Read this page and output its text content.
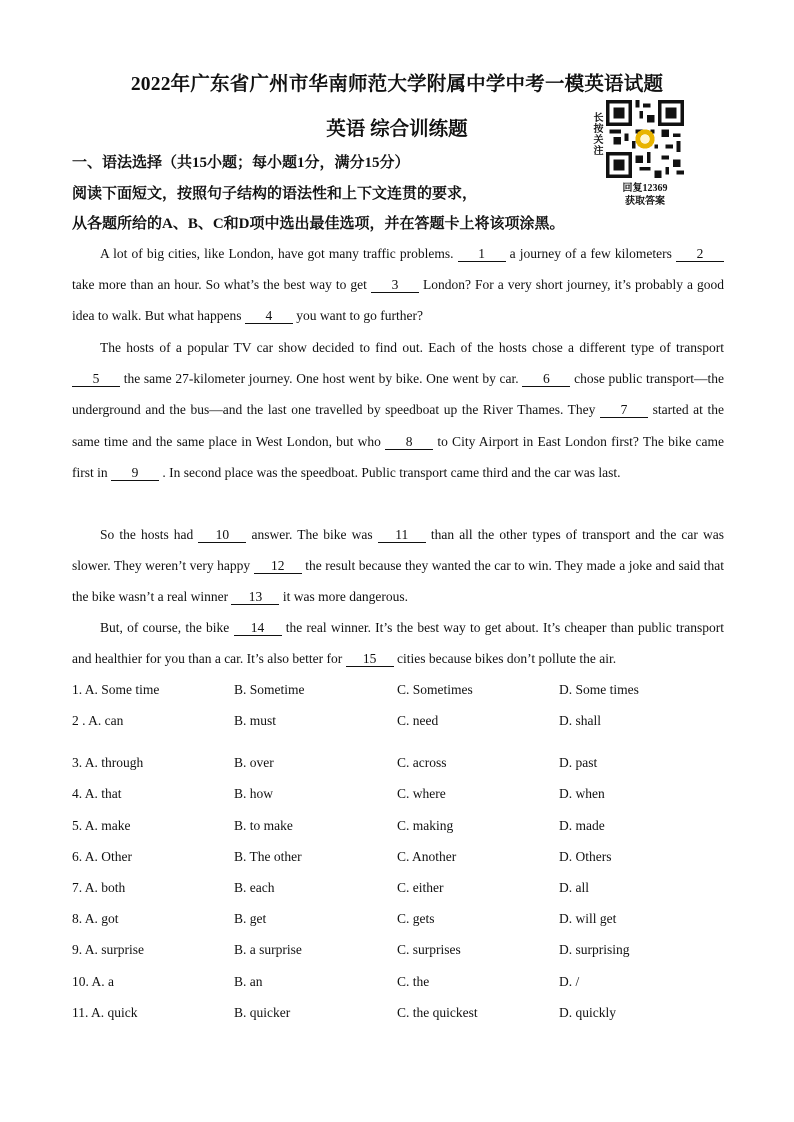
2022年广东省广州市华南师范大学附属中学中考一模英语试题
英语 综合训练题	长按关注
回复12369
获取答案
一、语法选择（共15小题；每小题1分，满分15分）
阅读下面短文，按照句子结构的语法性和上下文连贯的要求，
从各题所给的A、B、C和D项中选出最佳选项，并在答题卡上将该项涂黑。
A lot of big cities, like London, have got many traffic problems. 1 a journey of a few kilometers 2 take more than an hour. So what’s the best way to get 3 London? For a very short journey, it’s probably a good idea to walk. But what happens 4 you want to go further?
The hosts of a popular TV car show decided to find out. Each of the hosts chose a different type of transport 5 the same 27-kilometer journey. One host went by bike. One went by car. 6 chose public transport—the underground and the bus—and the last one travelled by speedboat up the River Thames. They 7 started at the same time and the same place in West London, but who 8 to City Airport in East London first? The bike came first in 9 . In second place was the speedboat. Public transport came third and the car was last.
So the hosts had 10 answer. The bike was 11 than all the other types of transport and the car was slower. They weren’t very happy 12 the result because they wanted the car to win. They made a joke and said that the bike wasn’t a real winner 13 it was more dangerous.
But, of course, the bike 14 the real winner. It’s the best way to get about. It’s cheaper than public transport and healthier for you than a car. It’s also better for 15 cities because bikes don’t pollute the air.
1. A. Some time	B. Sometime	C. Sometimes	D. Some times
2 . A. can	B. must	C. need	D. shall
3. A. through	B. over	C. across	D. past
4. A. that	B. how	C. where	D. when
5. A. make	B. to make	C. making	D. made
6. A. Other	B. The other	C. Another	D. Others
7. A. both	B. each	C. either	D. all
8. A. got	B. get	C. gets	D. will get
9. A. surprise	B. a surprise	C. surprises	D. surprising
10. A. a	B. an	C. the	D. /
11. A. quick	B. quicker	C. the quickest	D. quickly
